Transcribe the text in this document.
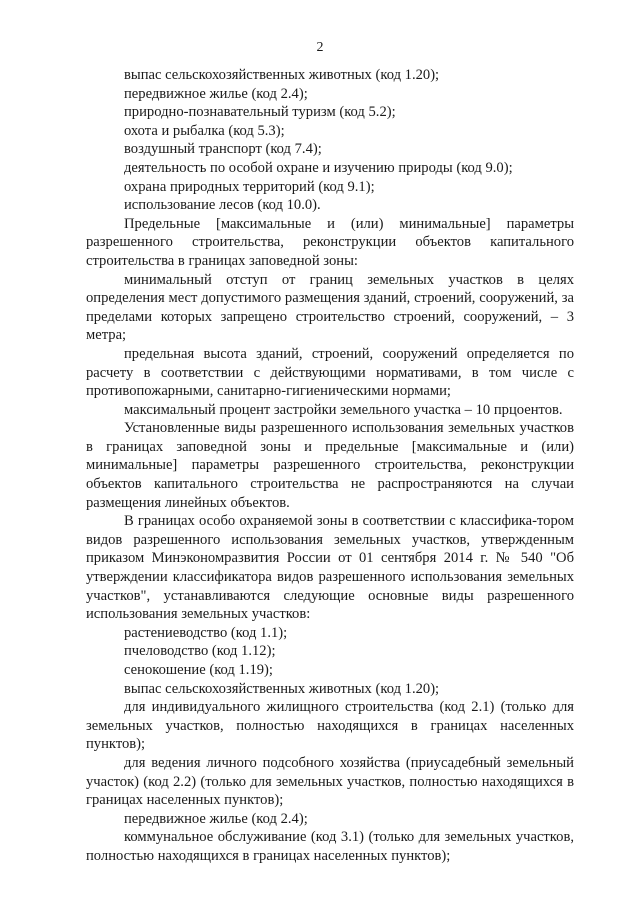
2

выпас сельскохозяйственных животных (код 1.20);

передвижное жилье (код 2.4);

природно-познавательный туризм (код 5.2);

охота и рыбалка (код 5.3);

воздушный транспорт (код 7.4);

деятельность по особой охране и изучению природы (код 9.0);

охрана природных территорий (код 9.1);

использование лесов (код 10.0).

Предельные [максимальные и (или) минимальные] параметры разрешенного строительства, реконструкции объектов капитального строительства в границах заповедной зоны:

минимальный отступ от границ земельных участков в целях определения мест допустимого размещения зданий, строений, сооружений, за пределами которых запрещено строительство строений, сооружений, – 3 метра;

предельная высота зданий, строений, сооружений определяется по расчету в соответствии с действующими нормативами, в том числе с противопожарными, санитарно-гигиеническими нормами;

максимальный процент застройки земельного участка – 10 прцоентов.

Установленные виды разрешенного использования земельных участков в границах заповедной зоны и предельные [максимальные и (или) минимальные] параметры разрешенного строительства, реконструкции объектов капитального строительства не распространяются на случаи размещения линейных объектов.

В границах особо охраняемой зоны в соответствии с классифика-тором видов разрешенного использования земельных участков, утвержденным приказом Минэкономразвития России от 01 сентября 2014 г. № 540 "Об утверждении классификатора видов разрешенного использования земельных участков", устанавливаются следующие основные виды разрешенного использования земельных участков:

растениеводство (код 1.1);

пчеловодство (код 1.12);

сенокошение (код 1.19);

выпас сельскохозяйственных животных (код 1.20);

для индивидуального жилищного строительства (код 2.1) (только для земельных участков, полностью находящихся в границах населенных пунктов);

для ведения личного подсобного хозяйства (приусадебный земельный участок) (код 2.2) (только для земельных участков, полностью находящихся в границах населенных пунктов);

передвижное жилье (код 2.4);

коммунальное обслуживание (код 3.1) (только для земельных участков, полностью находящихся в границах населенных пунктов);
